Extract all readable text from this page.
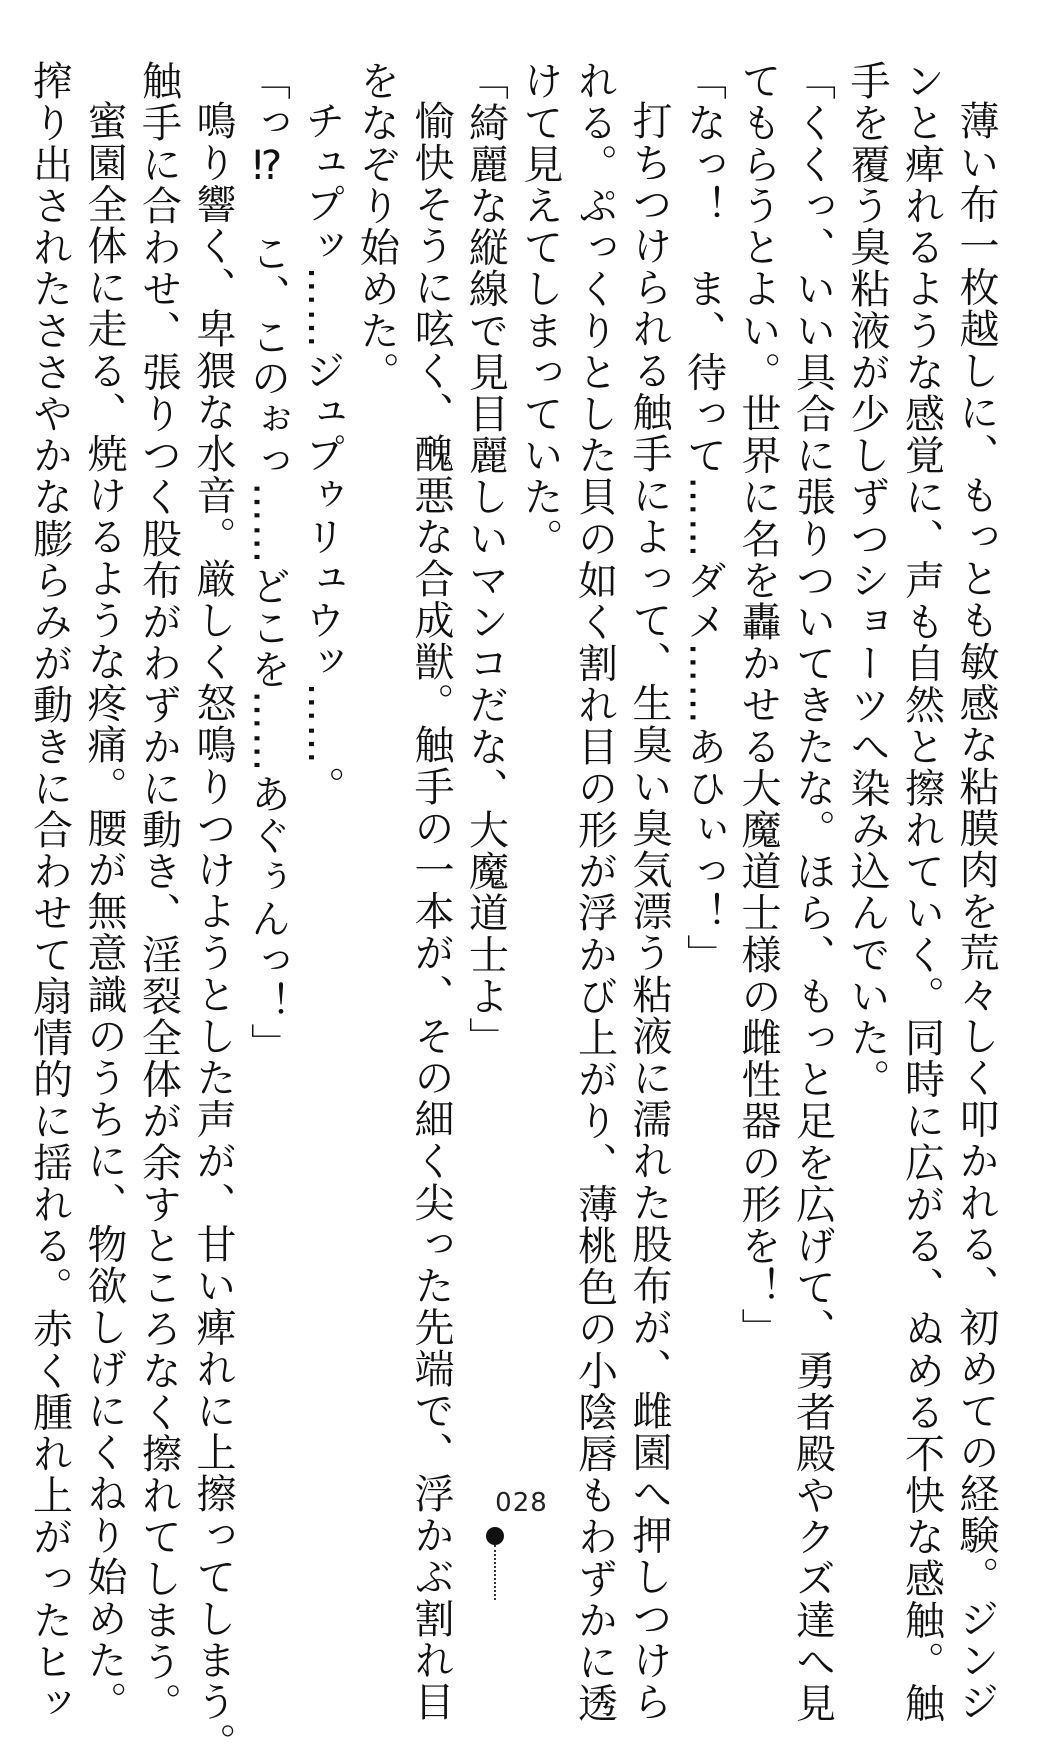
薄い布一枚越しに、もっとも敏感な粘膜肉を荒々しく叩かれる、初めての経験。ジンジ

ンと痺れるような感覚に、声も自然と擦れていく。同時に広がる、ぬめる不快な感触。触

手を覆う臭粘液が少しずつショーツへ染み込んでいた。

「くくっ、いい具合に張りついてきたな。ほら、もっと足を広げて、勇者殿やクズ達へ見

てもらうとよい。世界に名を轟かせる大魔道士様の雌性器の形を！」

「なっ！　ま、待って……ダメ……あひぃっ！」

打ちつけられる触手によって、生臭い臭気漂う粘液に濡れた股布が、雌園へ押しつけら

れる。ぷっくりとした貝の如く割れ目の形が浮かび上がり、薄桃色の小陰唇もわずかに透

けて見えてしまっていた。

「綺麗な縦線で見目麗しいマンコだな、大魔道士よ」

愉快そうに呟く、醜悪な合成獣。触手の一本が、その細く尖った先端で、浮かぶ割れ目

をなぞり始めた。

チュプッ……ジュプゥリュウッ……。

「っ⁉　こ、このぉっ……どこを……あぐぅんっ！」

鳴り響く、卑猥な水音。厳しく怒鳴りつけようとした声が、甘い痺れに上擦ってしまう。

触手に合わせ、張りつく股布がわずかに動き、淫裂全体が余すところなく擦れてしまう。

蜜園全体に走る、焼けるような疼痛。腰が無意識のうちに、物欲しげにくねり始めた。

搾り出されたささやかな膨らみが動きに合わせて扇情的に揺れる。赤く腫れ上がったヒッ	028
